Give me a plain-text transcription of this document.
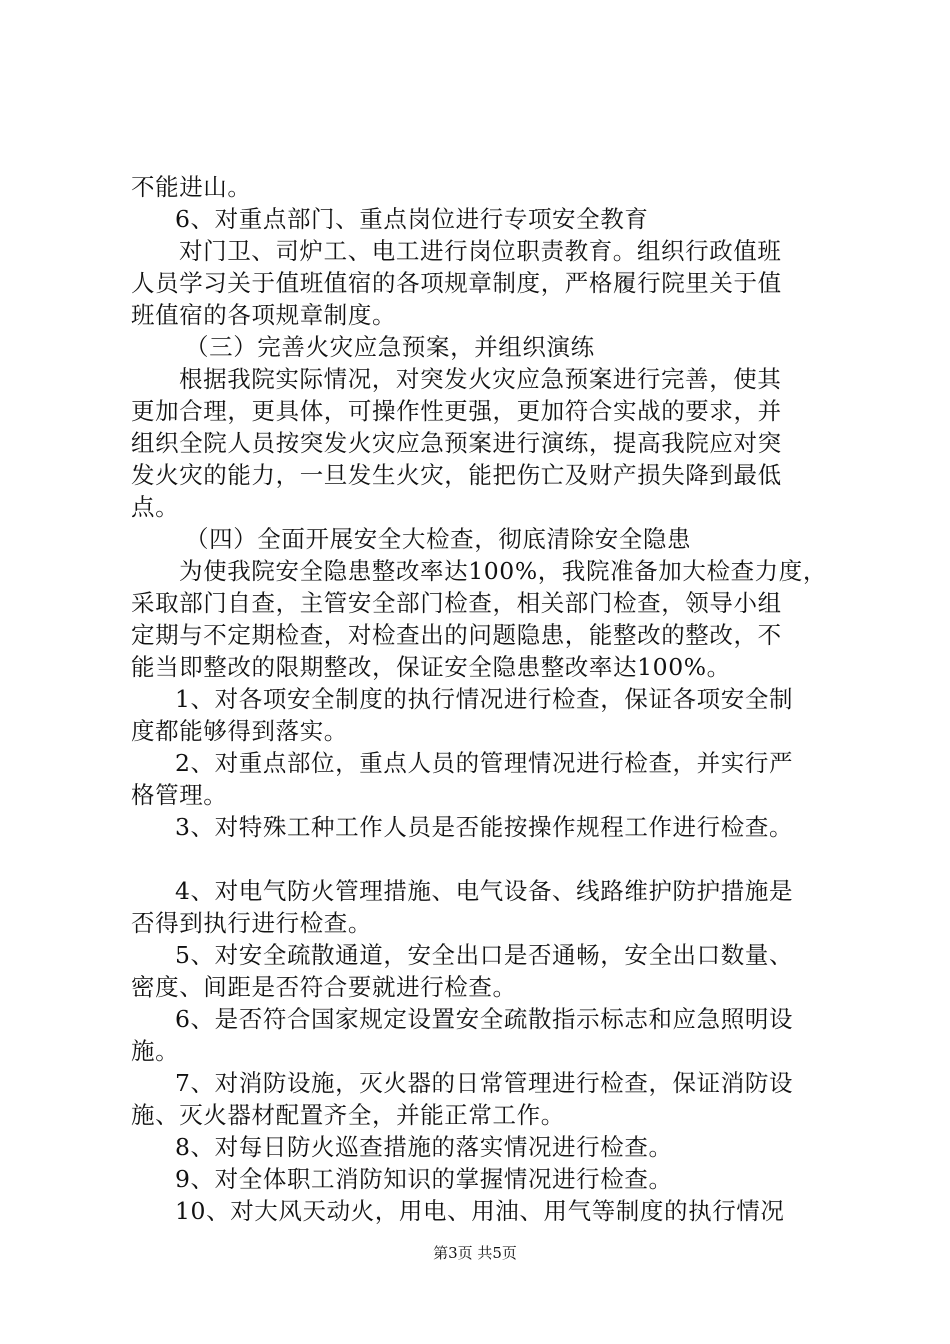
不能进山。
6、对重点部门、重点岗位进行专项安全教育
对门卫、司炉工、电工进行岗位职责教育。组织行政值班
人员学习关于值班值宿的各项规章制度，严格履行院里关于值
班值宿的各项规章制度。
（三）完善火灾应急预案，并组织演练
根据我院实际情况，对突发火灾应急预案进行完善，使其
更加合理，更具体，可操作性更强，更加符合实战的要求，并
组织全院人员按突发火灾应急预案进行演练，提高我院应对突
发火灾的能力，一旦发生火灾，能把伤亡及财产损失降到最低
点。
（四）全面开展安全大检查，彻底清除安全隐患
为使我院安全隐患整改率达100%，我院准备加大检查力度，
采取部门自查，主管安全部门检查，相关部门检查，领导小组
定期与不定期检查，对检查出的问题隐患，能整改的整改，不
能当即整改的限期整改，保证安全隐患整改率达100%。
1、对各项安全制度的执行情况进行检查，保证各项安全制
度都能够得到落实。
2、对重点部位，重点人员的管理情况进行检查，并实行严
格管理。
3、对特殊工种工作人员是否能按操作规程工作进行检查。
4、对电气防火管理措施、电气设备、线路维护防护措施是
否得到执行进行检查。
5、对安全疏散通道，安全出口是否通畅，安全出口数量、
密度、间距是否符合要就进行检查。
6、是否符合国家规定设置安全疏散指示标志和应急照明设
施。
7、对消防设施，灭火器的日常管理进行检查，保证消防设
施、灭火器材配置齐全，并能正常工作。
8、对每日防火巡查措施的落实情况进行检查。
9、对全体职工消防知识的掌握情况进行检查。
10、对大风天动火，用电、用油、用气等制度的执行情况
第3页 共5页
